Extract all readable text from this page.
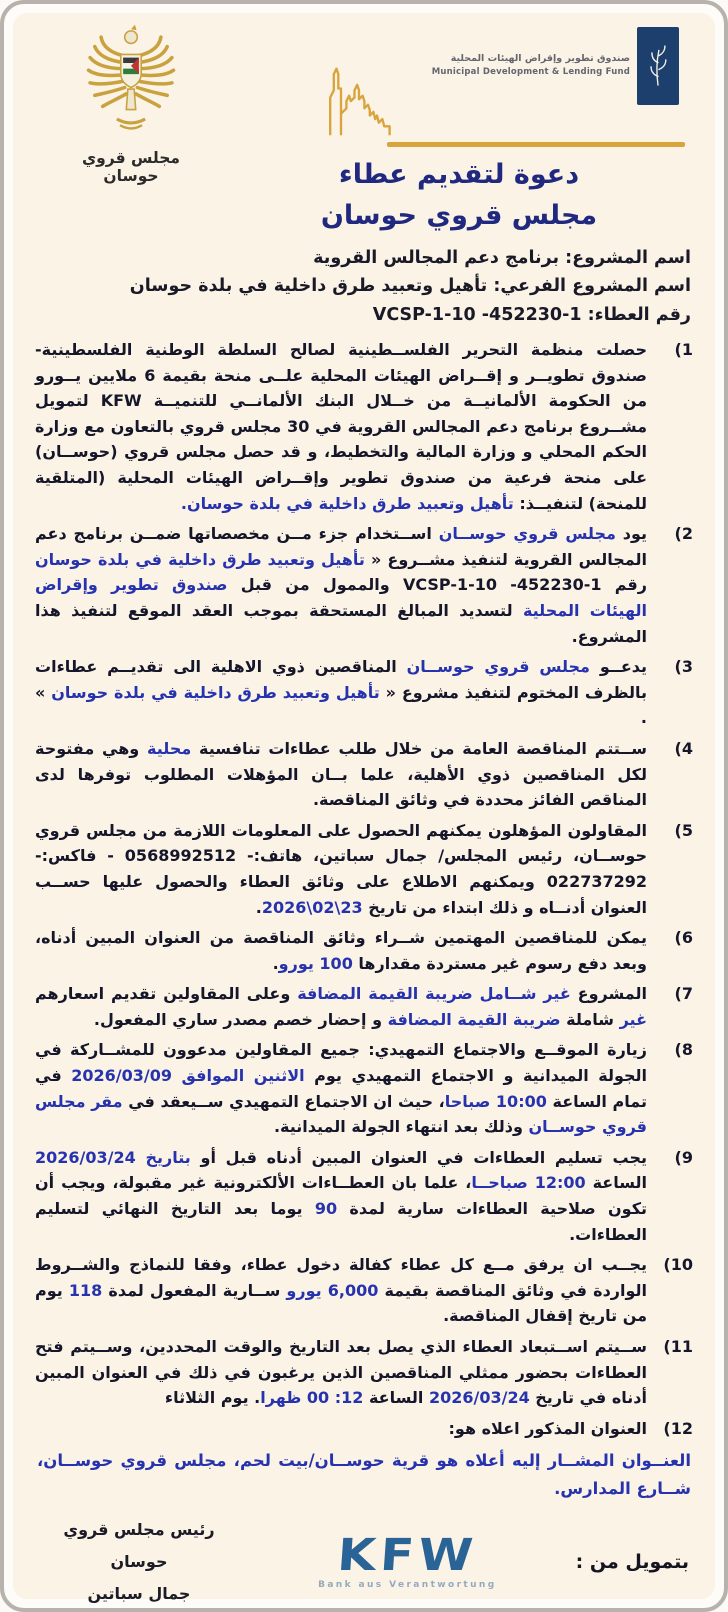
مجلس قروي حوسان
صندوق تطوير وإقراض الهيئات المحلية
Municipal Development & Lending Fund
دعوة لتقديم عطاء
مجلس قروي حوسان
اسم المشروع: برنامج دعم المجالس القروية
اسم المشروع الفرعي: تأهيل وتعبيد طرق داخلية في بلدة حوسان
رقم العطاء: VCSP-1-10 -452230-1
1)
حصلت منظمة التحرير الفلســطينية لصالح السلطة الوطنية الفلسطينية- صندوق تطويــر و إقــراض الهيئات المحلية علــى منحة بقيمة 6 ملايين يــورو من الحكومة الألمانيــة من خــلال البنك الألمانــي للتنميــة KFW لتمويل مشــروع برنامج دعم المجالس القروية في 30 مجلس قروي بالتعاون مع وزارة الحكم المحلي و وزارة المالية والتخطيط، و قد حصل مجلس قروي (حوســان) على منحة فرعية من صندوق تطوير وإقــراض الهيئات المحلية (المتلقية للمنحة) لتنفيــذ: تأهيل وتعبيد طرق داخلية في بلدة حوسان.
2)
يود مجلس قروي حوســان اســتخدام جزء مــن مخصصاتها ضمــن برنامج دعم المجالس القروية لتنفيذ مشــروع « تأهيل وتعبيد طرق داخلية في بلدة حوسان رقم VCSP-1-10 -452230-1 والممول من قبل صندوق تطوير وإقراض الهيئات المحلية لتسديد المبالغ المستحقة بموجب العقد الموقع لتنفيذ هذا المشروع.
3)
يدعــو مجلس قروي حوســان المناقصين ذوي الاهلية الى تقديــم عطاءات بالظرف المختوم لتنفيذ مشروع « تأهيل وتعبيد طرق داخلية في بلدة حوسان » .
4)
ســتتم المناقصة العامة من خلال طلب عطاءات تنافسية محلية وهي مفتوحة لكل المناقصين ذوي الأهلية، علما بــان المؤهلات المطلوب توفرها لدى المناقص الفائز محددة في وثائق المناقصة.
5)
المقاولون المؤهلون يمكنهم الحصول على المعلومات اللازمة من مجلس قروي حوســان، رئيس المجلس/ جمال سباتين، هاتف:- 0568992512 - فاكس:- 022737292 ويمكنهم الاطلاع على وثائق العطاء والحصول عليها حســب العنوان أدنــاه و ذلك ابتداء من تاريخ 2026\02\23.
6)
يمكن للمناقصين المهتمين شــراء وثائق المناقصة من العنوان المبين أدناه، وبعد دفع رسوم غير مستردة مقدارها 100 يورو.
7)
المشروع غير شــامل ضريبة القيمة المضافة وعلى المقاولين تقديم اسعارهم غير شاملة ضريبة القيمة المضافة و إحضار خصم مصدر ساري المفعول.
8)
زيارة الموقــع والاجتماع التمهيدي: جميع المقاولين مدعوون للمشــاركة في الجولة الميدانية و الاجتماع التمهيدي يوم الاثنين الموافق 2026/03/09 في تمام الساعة 10:00 صباحا، حيث ان الاجتماع التمهيدي ســيعقد في مقر مجلس قروي حوســان وذلك بعد انتهاء الجولة الميدانية.
9)
يجب تسليم العطاءات في العنوان المبين أدناه قبل أو بتاريخ 2026/03/24 الساعة 12:00 صباحــا، علما بان العطــاءات الألكترونية غير مقبولة، ويجب أن تكون صلاحية العطاءات سارية لمدة 90 يوما بعد التاريخ النهائي لتسليم العطاءات.
10)
يجــب ان يرفق مــع كل عطاء كفالة دخول عطاء، وفقا للنماذج والشــروط الواردة في وثائق المناقصة بقيمة 6,000 يورو ســارية المفعول لمدة 118 يوم من تاريخ إقفال المناقصة.
11)
ســيتم اســتبعاد العطاء الذي يصل بعد التاريخ والوقت المحددين، وســيتم فتح العطاءات بحضور ممثلي المناقصين الذين يرغبون في ذلك في العنوان المبين أدناه في تاريخ 2026/03/24 الساعة 12: 00 ظهرا. يوم الثلاثاء
12)
العنوان المذكور اعلاه هو:
العنــوان المشــار إليه أعلاه هو قرية حوســان/بيت لحم، مجلس قروي حوســان، شــارع المدارس.
بتمويل من :
KFW
Bank aus Verantwortung
رئيس مجلس قروي حوسان
جمال سباتين
